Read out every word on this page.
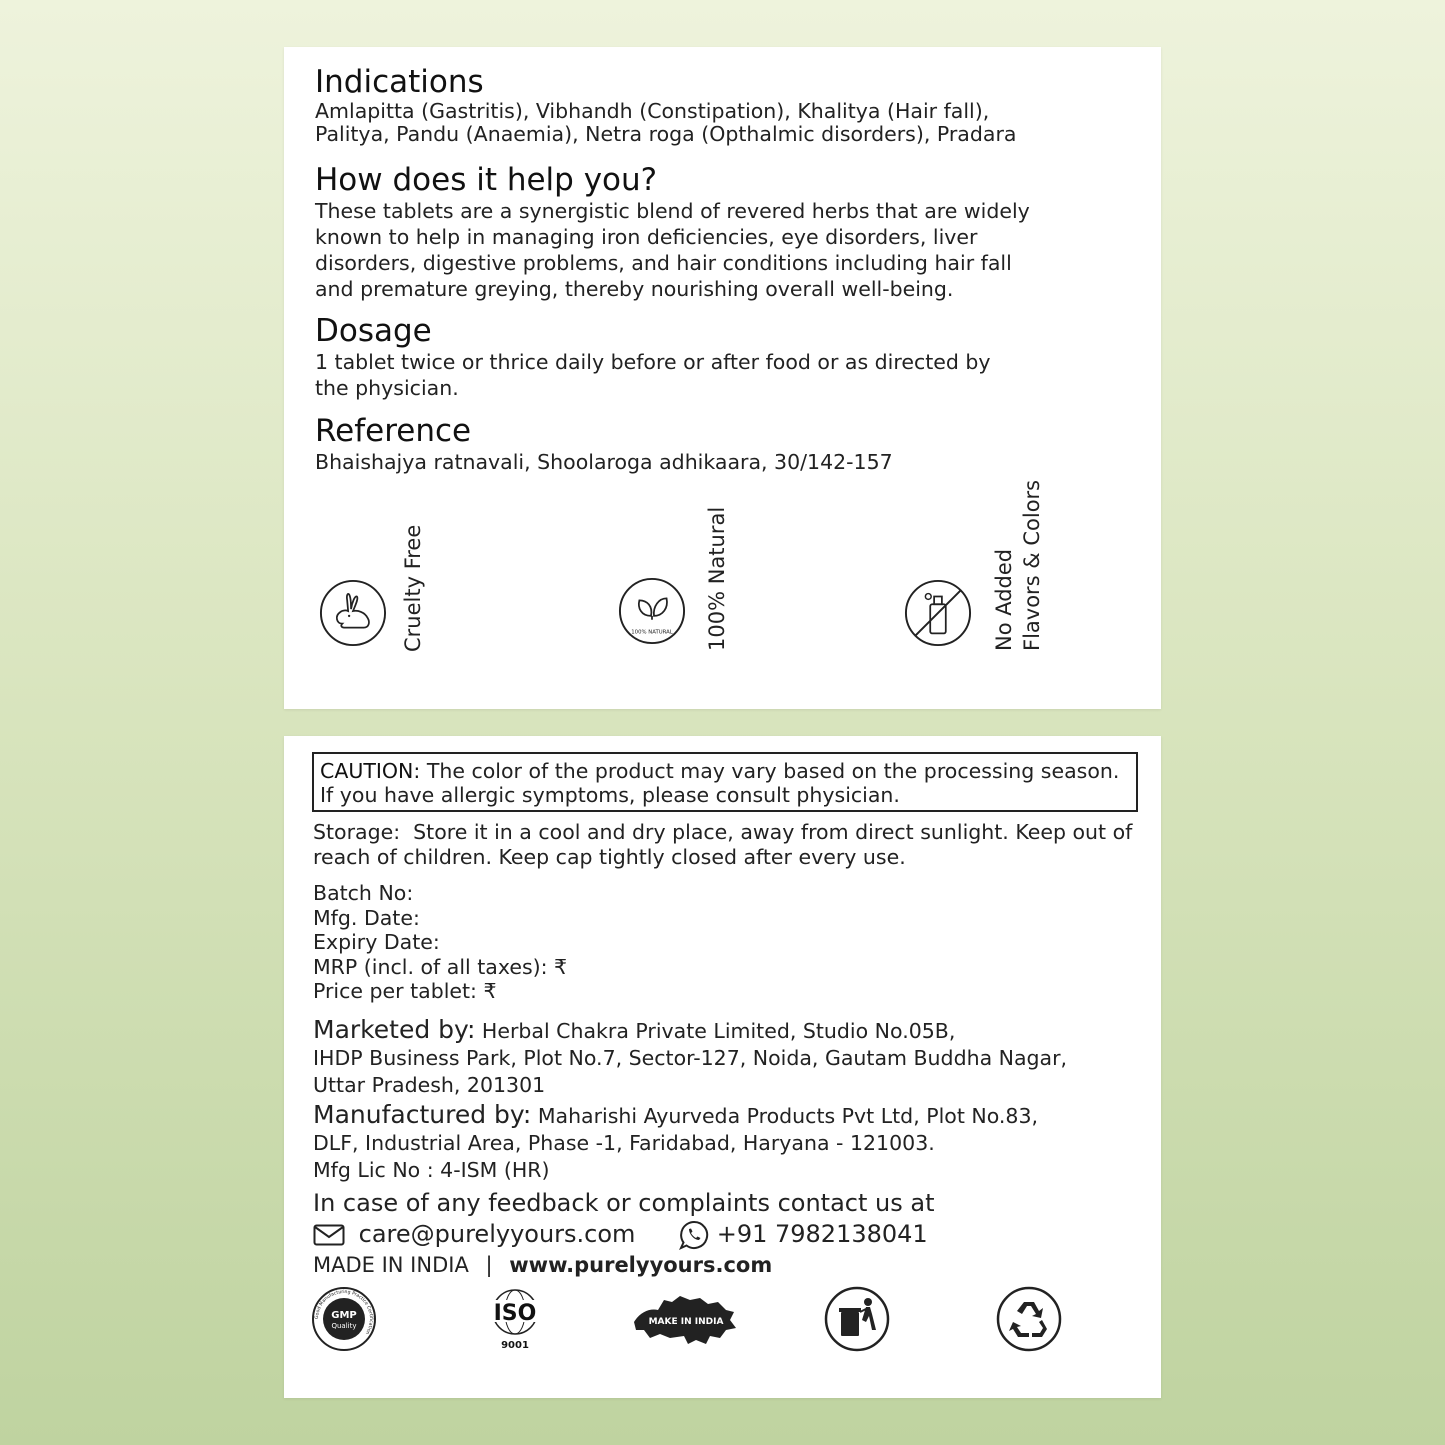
Indications

Amlapitta (Gastritis), Vibhandh (Constipation), Khalitya (Hair fall),

Palitya, Pandu (Anaemia), Netra roga (Opthalmic disorders), Pradara

How does it help you?

These tablets are a synergistic blend of revered herbs that are widely

known to help in managing iron deficiencies, eye disorders, liver

disorders, digestive problems, and hair conditions including hair fall

and premature greying, thereby nourishing overall well-being.

Dosage

1 tablet twice or thrice daily before or after food or as directed by

the physician.

Reference

Bhaishajya ratnavali, Shoolaroga adhikaara, 30/142-157

Cruelty Free	100% NATURAL 100% Natural	No Added Flavors & Colors
CAUTION: The color of the product may vary based on the processing season.
If you have allergic symptoms, please consult physician.
Storage:  Store it in a cool and dry place, away from direct sunlight. Keep out of
reach of children. Keep cap tightly closed after every use.
Batch No:
Mfg. Date:
Expiry Date:
MRP (incl. of all taxes): ₹
Price per tablet: ₹
Marketed by: Herbal Chakra Private Limited, Studio No.05B,
IHDP Business Park, Plot No.7, Sector-127, Noida, Gautam Buddha Nagar,
Uttar Pradesh, 201301
Manufactured by: Maharishi Ayurveda Products Pvt Ltd, Plot No.83,
DLF, Industrial Area, Phase -1, Faridabad, Haryana - 121003.
Mfg Lic No : 4-ISM (HR)
In case of any feedback or complaints contact us at
care@purelyyours.com	+91 7982138041
MADE IN INDIA | www.purelyyours.com
GMP
Quality
Good Manufacturing Practice Certification
ISO
9001
MAKE IN INDIA
